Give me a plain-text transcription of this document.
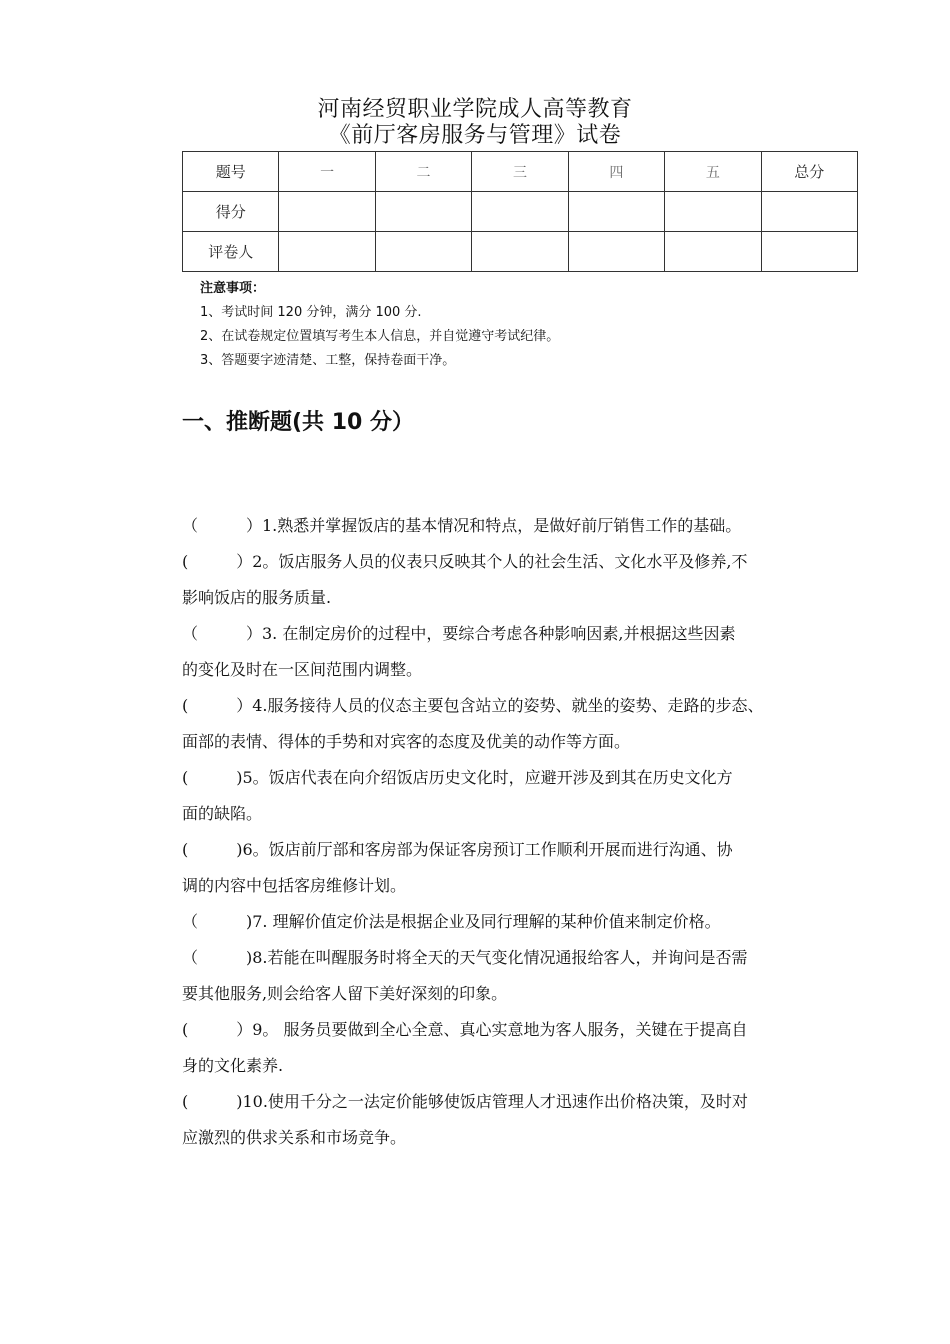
河南经贸职业学院成人高等教育
《前厅客房服务与管理》试卷
题号	一	二	三	四	五	总分
得分						
评卷人						
注意事项：
1、考试时间 120 分钟，满分 100 分.
2、在试卷规定位置填写考生本人信息，并自觉遵守考试纪律。
3、答题要字迹清楚、工整，保持卷面干净。
一、推断题(共 10 分）
（　　　）1.熟悉并掌握饭店的基本情况和特点，是做好前厅销售工作的基础。
(　　　）2。饭店服务人员的仪表只反映其个人的社会生活、文化水平及修养,不
影响饭店的服务质量.
（　　　）3. 在制定房价的过程中，要综合考虑各种影响因素,并根据这些因素
的变化及时在一区间范围内调整。
(　　　）4.服务接待人员的仪态主要包含站立的姿势、就坐的姿势、走路的步态、
面部的表情、得体的手势和对宾客的态度及优美的动作等方面。
(　　　)5。饭店代表在向介绍饭店历史文化时，应避开涉及到其在历史文化方
面的缺陷。
(　　　)6。饭店前厅部和客房部为保证客房预订工作顺利开展而进行沟通、协
调的内容中包括客房维修计划。
（　　　)7. 理解价值定价法是根据企业及同行理解的某种价值来制定价格。
（　　　)8.若能在叫醒服务时将全天的天气变化情况通报给客人，并询问是否需
要其他服务,则会给客人留下美好深刻的印象。
(　　　）9。 服务员要做到全心全意、真心实意地为客人服务，关键在于提高自
身的文化素养.
(　　　)10.使用千分之一法定价能够使饭店管理人才迅速作出价格决策，及时对
应激烈的供求关系和市场竞争。
